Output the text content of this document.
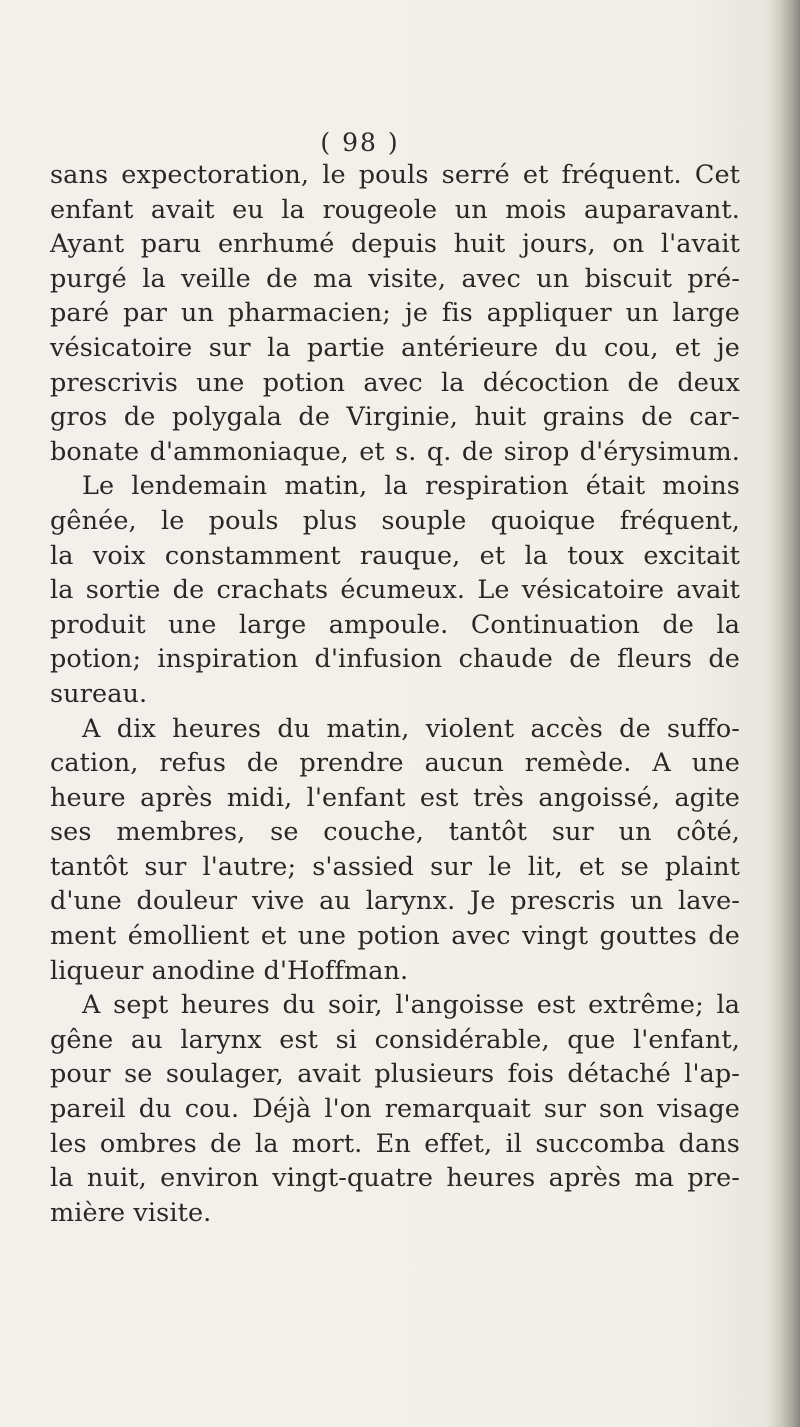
( 98 )
sans expectoration, le pouls serré et fréquent. Cet
enfant avait eu la rougeole un mois auparavant.
Ayant paru enrhumé depuis huit jours, on l'avait
purgé la veille de ma visite, avec un biscuit pré-
paré par un pharmacien; je fis appliquer un large
vésicatoire sur la partie antérieure du cou, et je
prescrivis une potion avec la décoction de deux
gros de polygala de Virginie, huit grains de car-
bonate d'ammoniaque, et s. q. de sirop d'érysimum.
Le lendemain matin, la respiration était moins
gênée, le pouls plus souple quoique fréquent,
la voix constamment rauque, et la toux excitait
la sortie de crachats écumeux. Le vésicatoire avait
produit une large ampoule. Continuation de la
potion; inspiration d'infusion chaude de fleurs de
sureau.
A dix heures du matin, violent accès de suffo-
cation, refus de prendre aucun remède. A une
heure après midi, l'enfant est très angoissé, agite
ses membres, se couche, tantôt sur un côté,
tantôt sur l'autre; s'assied sur le lit, et se plaint
d'une douleur vive au larynx. Je prescris un lave-
ment émollient et une potion avec vingt gouttes de
liqueur anodine d'Hoffman.
A sept heures du soir, l'angoisse est extrême; la
gêne au larynx est si considérable, que l'enfant,
pour se soulager, avait plusieurs fois détaché l'ap-
pareil du cou. Déjà l'on remarquait sur son visage
les ombres de la mort. En effet, il succomba dans
la nuit, environ vingt-quatre heures après ma pre-
mière visite.
